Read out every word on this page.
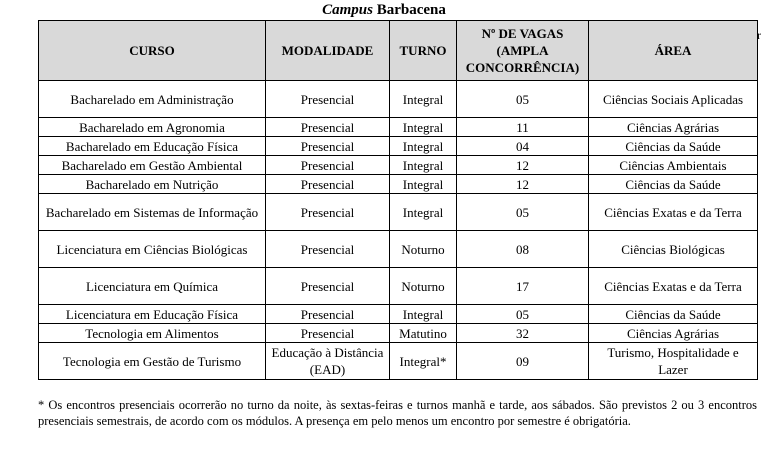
Campus Barbacena
r
CURSO	MODALIDADE	TURNO	Nº DE VAGAS (AMPLA CONCORRÊNCIA)	ÁREA
Bacharelado em Administração	Presencial	Integral	05	Ciências Sociais Aplicadas
Bacharelado em Agronomia	Presencial	Integral	11	Ciências Agrárias
Bacharelado em Educação Física	Presencial	Integral	04	Ciências da Saúde
Bacharelado em Gestão Ambiental	Presencial	Integral	12	Ciências Ambientais
Bacharelado em Nutrição	Presencial	Integral	12	Ciências da Saúde
Bacharelado em Sistemas de Informação	Presencial	Integral	05	Ciências Exatas e da Terra
Licenciatura em Ciências Biológicas	Presencial	Noturno	08	Ciências Biológicas
Licenciatura em Química	Presencial	Noturno	17	Ciências Exatas e da Terra
Licenciatura em Educação Física	Presencial	Integral	05	Ciências da Saúde
Tecnologia em Alimentos	Presencial	Matutino	32	Ciências Agrárias
Tecnologia em Gestão de Turismo	Educação à Distância (EAD)	Integral*	09	Turismo, Hospitalidade e Lazer
* Os encontros presenciais ocorrerão no turno da noite, às sextas-feiras e turnos manhã e tarde, aos sábados. São previstos 2 ou 3 encontros presenciais semestrais, de acordo com os módulos. A presença em pelo menos um encontro por semestre é obrigatória.
